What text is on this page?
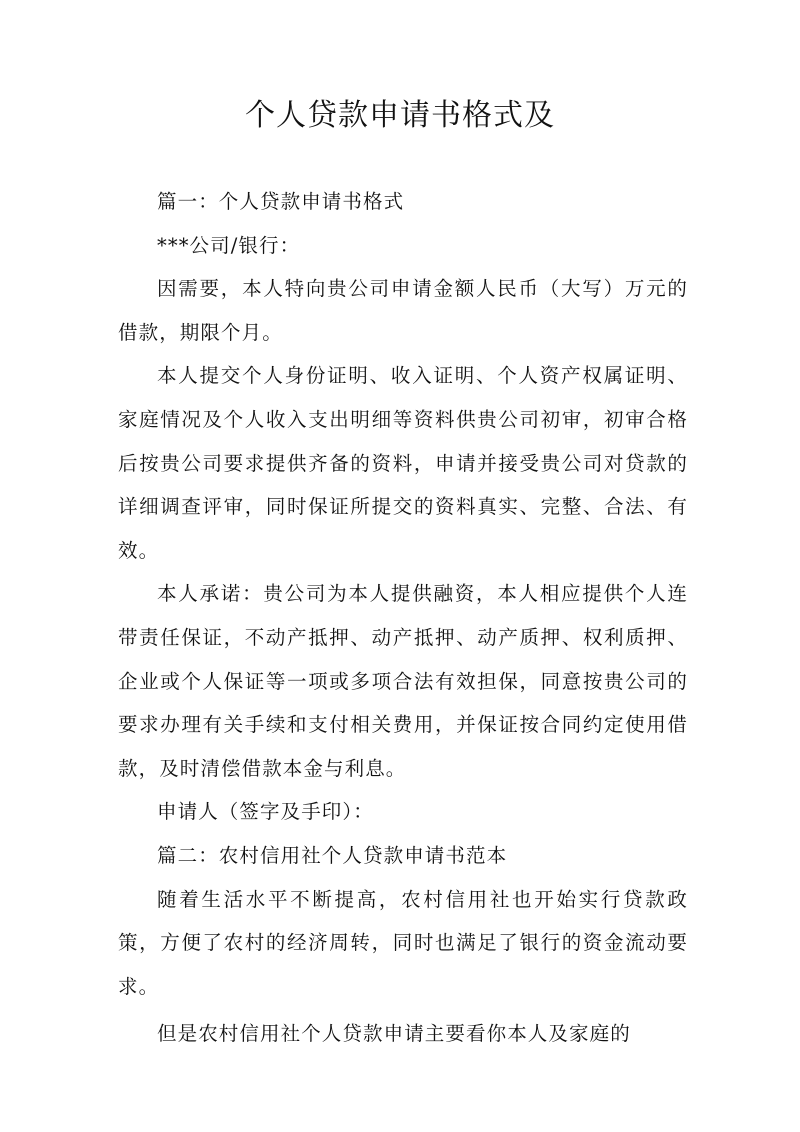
个人贷款申请书格式及

篇一：个人贷款申请书格式

***公司/银行：

因需要，本人特向贵公司申请金额人民币（大写）万元的借款，期限个月。

本人提交个人身份证明、收入证明、个人资产权属证明、家庭情况及个人收入支出明细等资料供贵公司初审，初审合格后按贵公司要求提供齐备的资料，申请并接受贵公司对贷款的详细调查评审，同时保证所提交的资料真实、完整、合法、有效。

本人承诺：贵公司为本人提供融资，本人相应提供个人连带责任保证，不动产抵押、动产抵押、动产质押、权利质押、企业或个人保证等一项或多项合法有效担保，同意按贵公司的要求办理有关手续和支付相关费用，并保证按合同约定使用借款，及时清偿借款本金与利息。

申请人（签字及手印）：

篇二：农村信用社个人贷款申请书范本

随着生活水平不断提高，农村信用社也开始实行贷款政策，方便了农村的经济周转，同时也满足了银行的资金流动要求。

但是农村信用社个人贷款申请主要看你本人及家庭的
